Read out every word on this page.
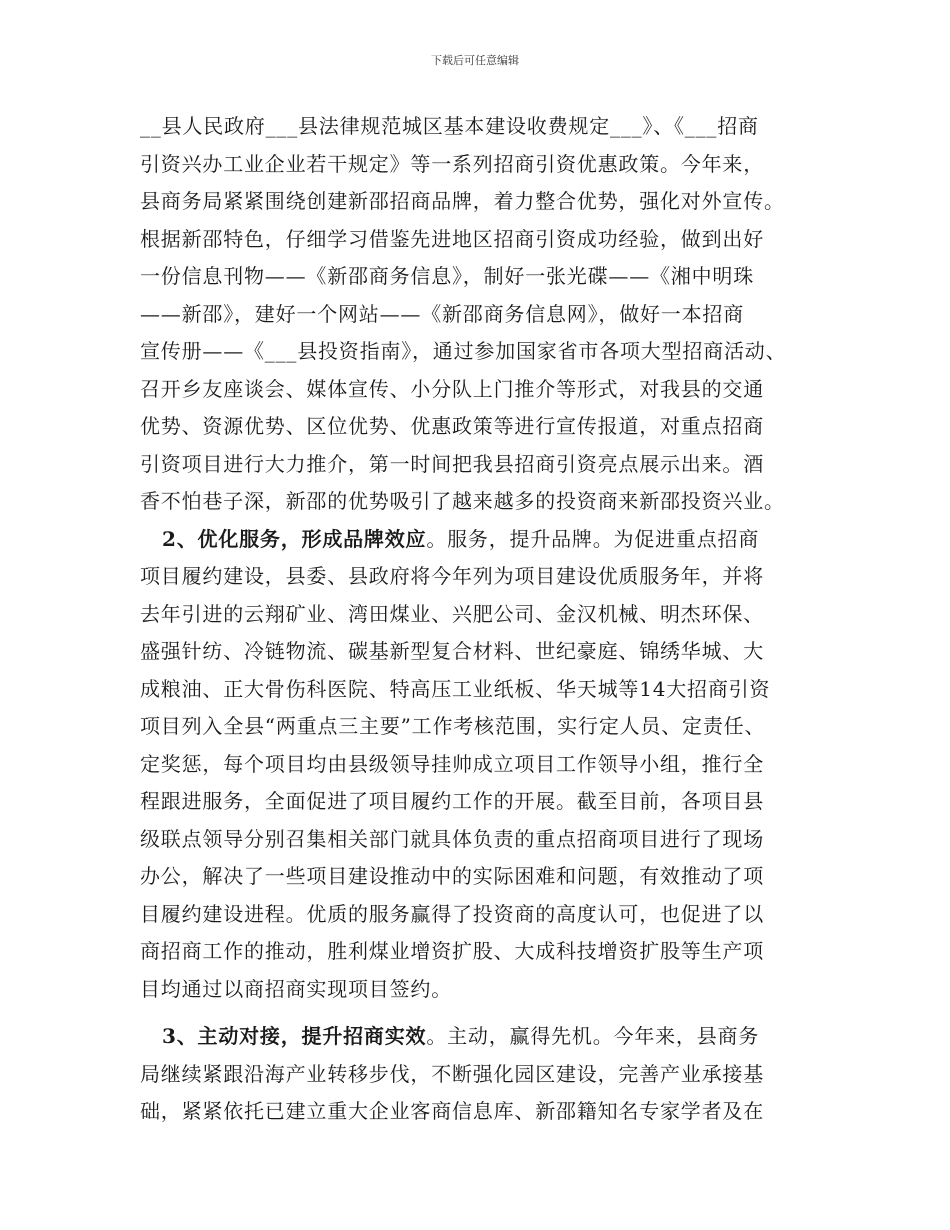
下载后可任意编辑
__县人民政府___县法律规范城区基本建设收费规定___》、《___招商
引资兴办工业企业若干规定》等一系列招商引资优惠政策。今年来，
县商务局紧紧围绕创建新邵招商品牌，着力整合优势，强化对外宣传。
根据新邵特色，仔细学习借鉴先进地区招商引资成功经验，做到出好
一份信息刊物——《新邵商务信息》，制好一张光碟——《湘中明珠
——新邵》，建好一个网站——《新邵商务信息网》，做好一本招商
宣传册——《___县投资指南》，通过参加国家省市各项大型招商活动、
召开乡友座谈会、媒体宣传、小分队上门推介等形式，对我县的交通
优势、资源优势、区位优势、优惠政策等进行宣传报道，对重点招商
引资项目进行大力推介，第一时间把我县招商引资亮点展示出来。酒
香不怕巷子深，新邵的优势吸引了越来越多的投资商来新邵投资兴业。
2、优化服务，形成品牌效应。服务，提升品牌。为促进重点招商
项目履约建设，县委、县政府将今年列为项目建设优质服务年，并将
去年引进的云翔矿业、湾田煤业、兴肥公司、金汉机械、明杰环保、
盛强针纺、冷链物流、碳基新型复合材料、世纪豪庭、锦绣华城、大
成粮油、正大骨伤科医院、特高压工业纸板、华天城等14大招商引资
项目列入全县“两重点三主要”工作考核范围，实行定人员、定责任、
定奖惩，每个项目均由县级领导挂帅成立项目工作领导小组，推行全
程跟进服务，全面促进了项目履约工作的开展。截至目前，各项目县
级联点领导分别召集相关部门就具体负责的重点招商项目进行了现场
办公，解决了一些项目建设推动中的实际困难和问题，有效推动了项
目履约建设进程。优质的服务赢得了投资商的高度认可，也促进了以
商招商工作的推动，胜利煤业增资扩股、大成科技增资扩股等生产项
目均通过以商招商实现项目签约。
3、主动对接，提升招商实效。主动，赢得先机。今年来，县商务
局继续紧跟沿海产业转移步伐，不断强化园区建设，完善产业承接基
础，紧紧依托已建立重大企业客商信息库、新邵籍知名专家学者及在
